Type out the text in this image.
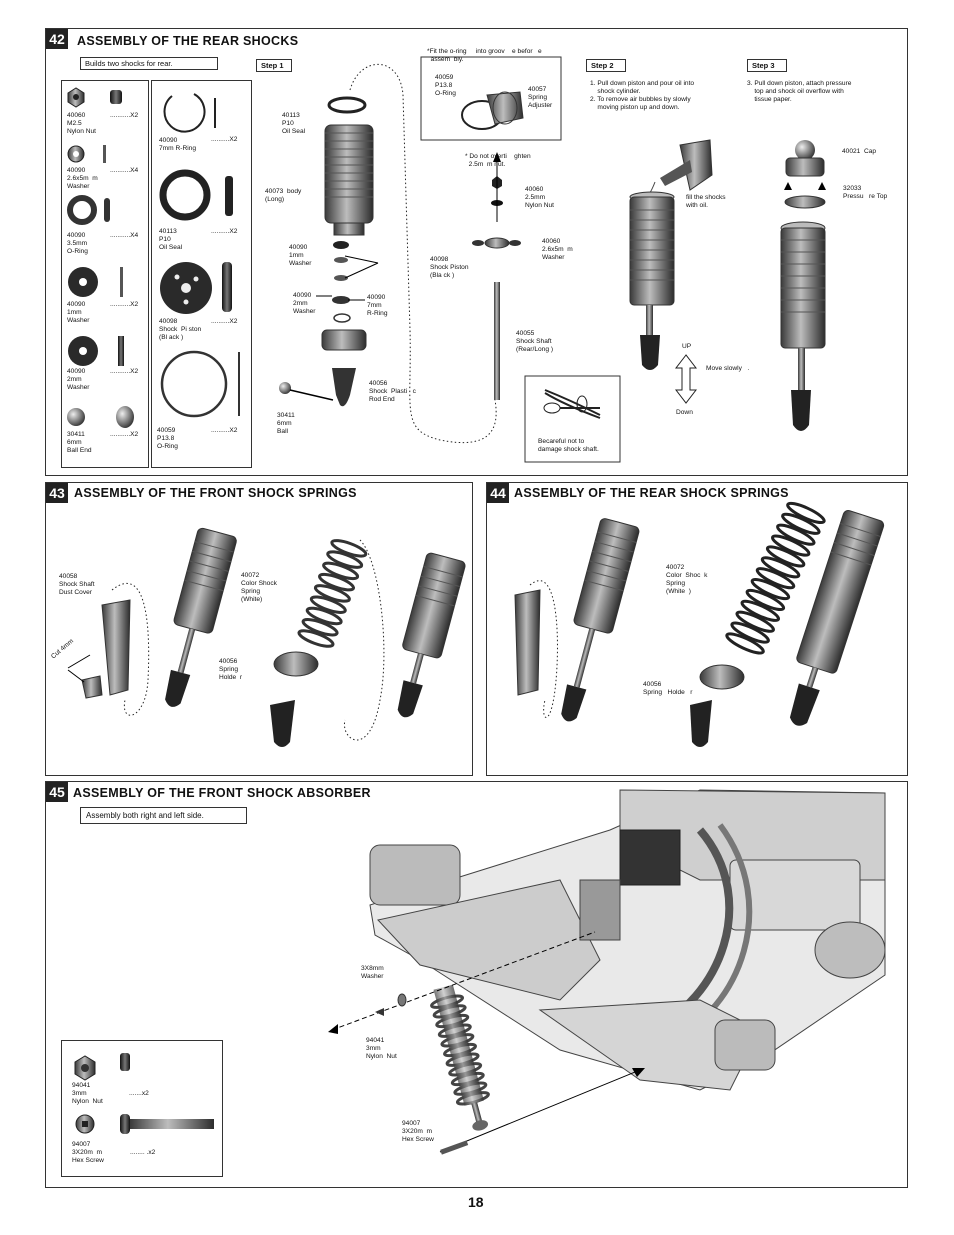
42 ASSEMBLY OF THE REAR SHOCKS
Builds two shocks for rear.	Step 1	Step 2	Step 3
40060
M2.5
Nylon Nut
...........X2
40090
2.6x5m  m
Washer
...........X4
40090
3.5mm
O-Ring
...........X4
40090
1mm
Washer
...........X2
40090
2mm
Washer
...........X2
30411
6mm
Ball End
...........X2
40090
7mm R-Ring
..........X2
40113
P10
Oil Seal
..........X2
40098
Shock  Pi ston
(Bl ack )
..........X2
40059
P13.8
O-Ring
..........X2
*Fit the o-ring     into groov    e befor   e
assem  bly.
40059
P13.8
O-Ring
40057
Spring
Adjuster
40113
P10
Oil Seal
40073  body
(Long)
40090
1mm
Washer
40090
2mm
Washer
40090
7mm
R-Ring
30411
6mm
Ball
40056
Shock  Plasti   c
Rod End
* Do not overti    ghten
2.5m  m nut.
40060
2.5mm
Nylon Nut
40098
Shock Piston
(Bla ck )
40060
2.6x5m  m
Washer
40055
Shock Shaft
(Rear/Long )
Becareful not to
damage shock shaft.
1. Pull down piston and pour oil into
shock cylinder.
2. To remove air bubbles by slowly
moving piston up and down.
fill the shocks
with oil.
UP
Down
Move slowly   .
3. Pull down piston, attach pressure
top and shock oil overflow with
tissue paper.
40021  Cap
32033
Pressu   re Top
43 ASSEMBLY OF THE FRONT SHOCK SPRINGS
40058
Shock Shaft
Dust Cover
Cut 4mm
40072
Color Shock
Spring
(White)
40056
Spring
Holde  r
44 ASSEMBLY OF THE REAR SHOCK SPRINGS
40072
Color  Shoc  k
Spring
(White  )
40056
Spring   Holde   r
45 ASSEMBLY OF THE FRONT SHOCK ABSORBER
Assembly both right and left side.
3X8mm
Washer
94041
3mm
Nylon  Nut
94007
3X20m  m
Hex Screw
94041
3mm
Nylon  Nut
.......x2
94007
3X20m  m
Hex Screw
........ .x2
18
